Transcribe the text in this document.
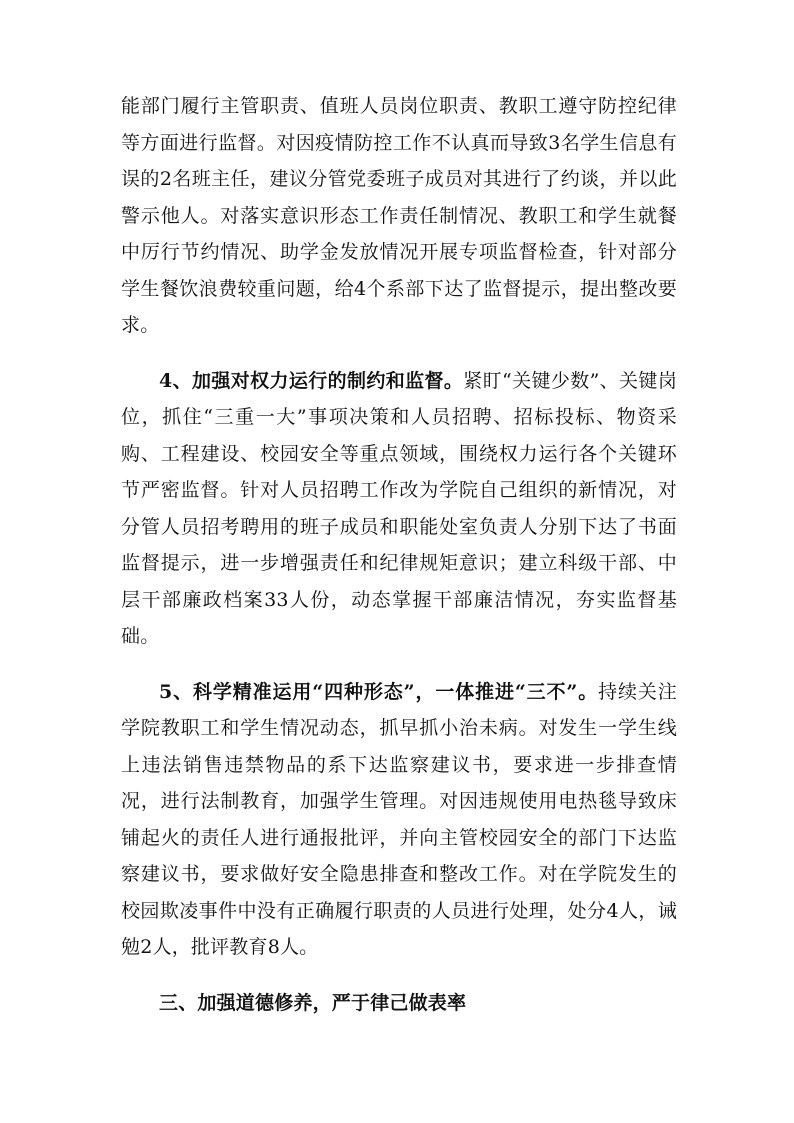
能部门履行主管职责、值班人员岗位职责、教职工遵守防控纪律等方面进行监督。对因疫情防控工作不认真而导致3名学生信息有误的2名班主任，建议分管党委班子成员对其进行了约谈，并以此警示他人。对落实意识形态工作责任制情况、教职工和学生就餐中厉行节约情况、助学金发放情况开展专项监督检查，针对部分学生餐饮浪费较重问题，给4个系部下达了监督提示，提出整改要求。

4、加强对权力运行的制约和监督。紧盯“关键少数”、关键岗位，抓住“三重一大”事项决策和人员招聘、招标投标、物资采购、工程建设、校园安全等重点领域，围绕权力运行各个关键环节严密监督。针对人员招聘工作改为学院自己组织的新情况，对分管人员招考聘用的班子成员和职能处室负责人分别下达了书面监督提示，进一步增强责任和纪律规矩意识；建立科级干部、中层干部廉政档案33人份，动态掌握干部廉洁情况，夯实监督基础。

5、科学精准运用“四种形态”，一体推进“三不”。持续关注学院教职工和学生情况动态，抓早抓小治未病。对发生一学生线上违法销售违禁物品的系下达监察建议书，要求进一步排查情况，进行法制教育，加强学生管理。对因违规使用电热毯导致床铺起火的责任人进行通报批评，并向主管校园安全的部门下达监察建议书，要求做好安全隐患排查和整改工作。对在学院发生的校园欺凌事件中没有正确履行职责的人员进行处理，处分4人，诫勉2人，批评教育8人。

三、加强道德修养，严于律己做表率
